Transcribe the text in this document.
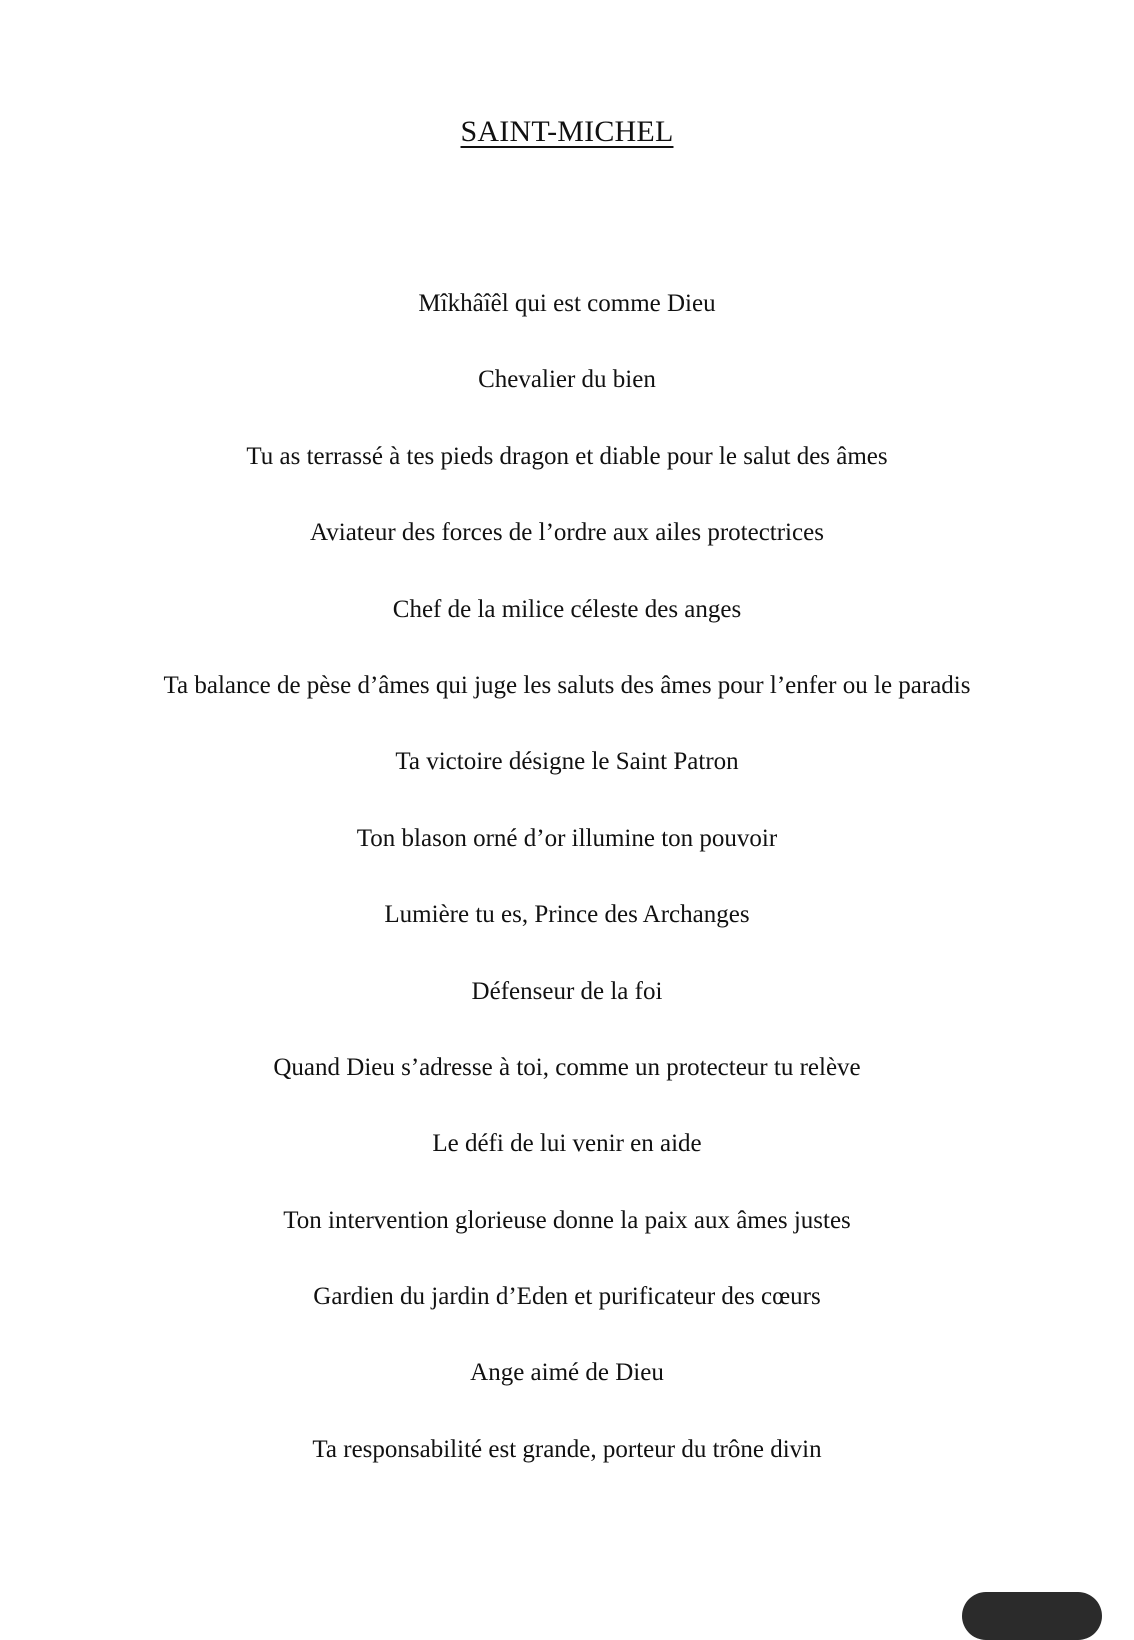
SAINT-MICHEL
Mîkhâîêl qui est comme Dieu
Chevalier du bien
Tu as terrassé à tes pieds dragon et diable pour le salut des âmes
Aviateur des forces de l’ordre aux ailes protectrices
Chef de la milice céleste des anges
Ta balance de pèse d’âmes qui juge les saluts des âmes pour l’enfer ou le paradis
Ta victoire désigne le Saint Patron
Ton blason orné d’or illumine ton pouvoir
Lumière tu es, Prince des Archanges
Défenseur de la foi
Quand Dieu s’adresse à toi, comme un protecteur tu relève
Le défi de lui venir en aide
Ton intervention glorieuse donne la paix aux âmes justes
Gardien du jardin d’Eden et purificateur des cœurs
Ange aimé de Dieu
Ta responsabilité est grande, porteur du trône divin
